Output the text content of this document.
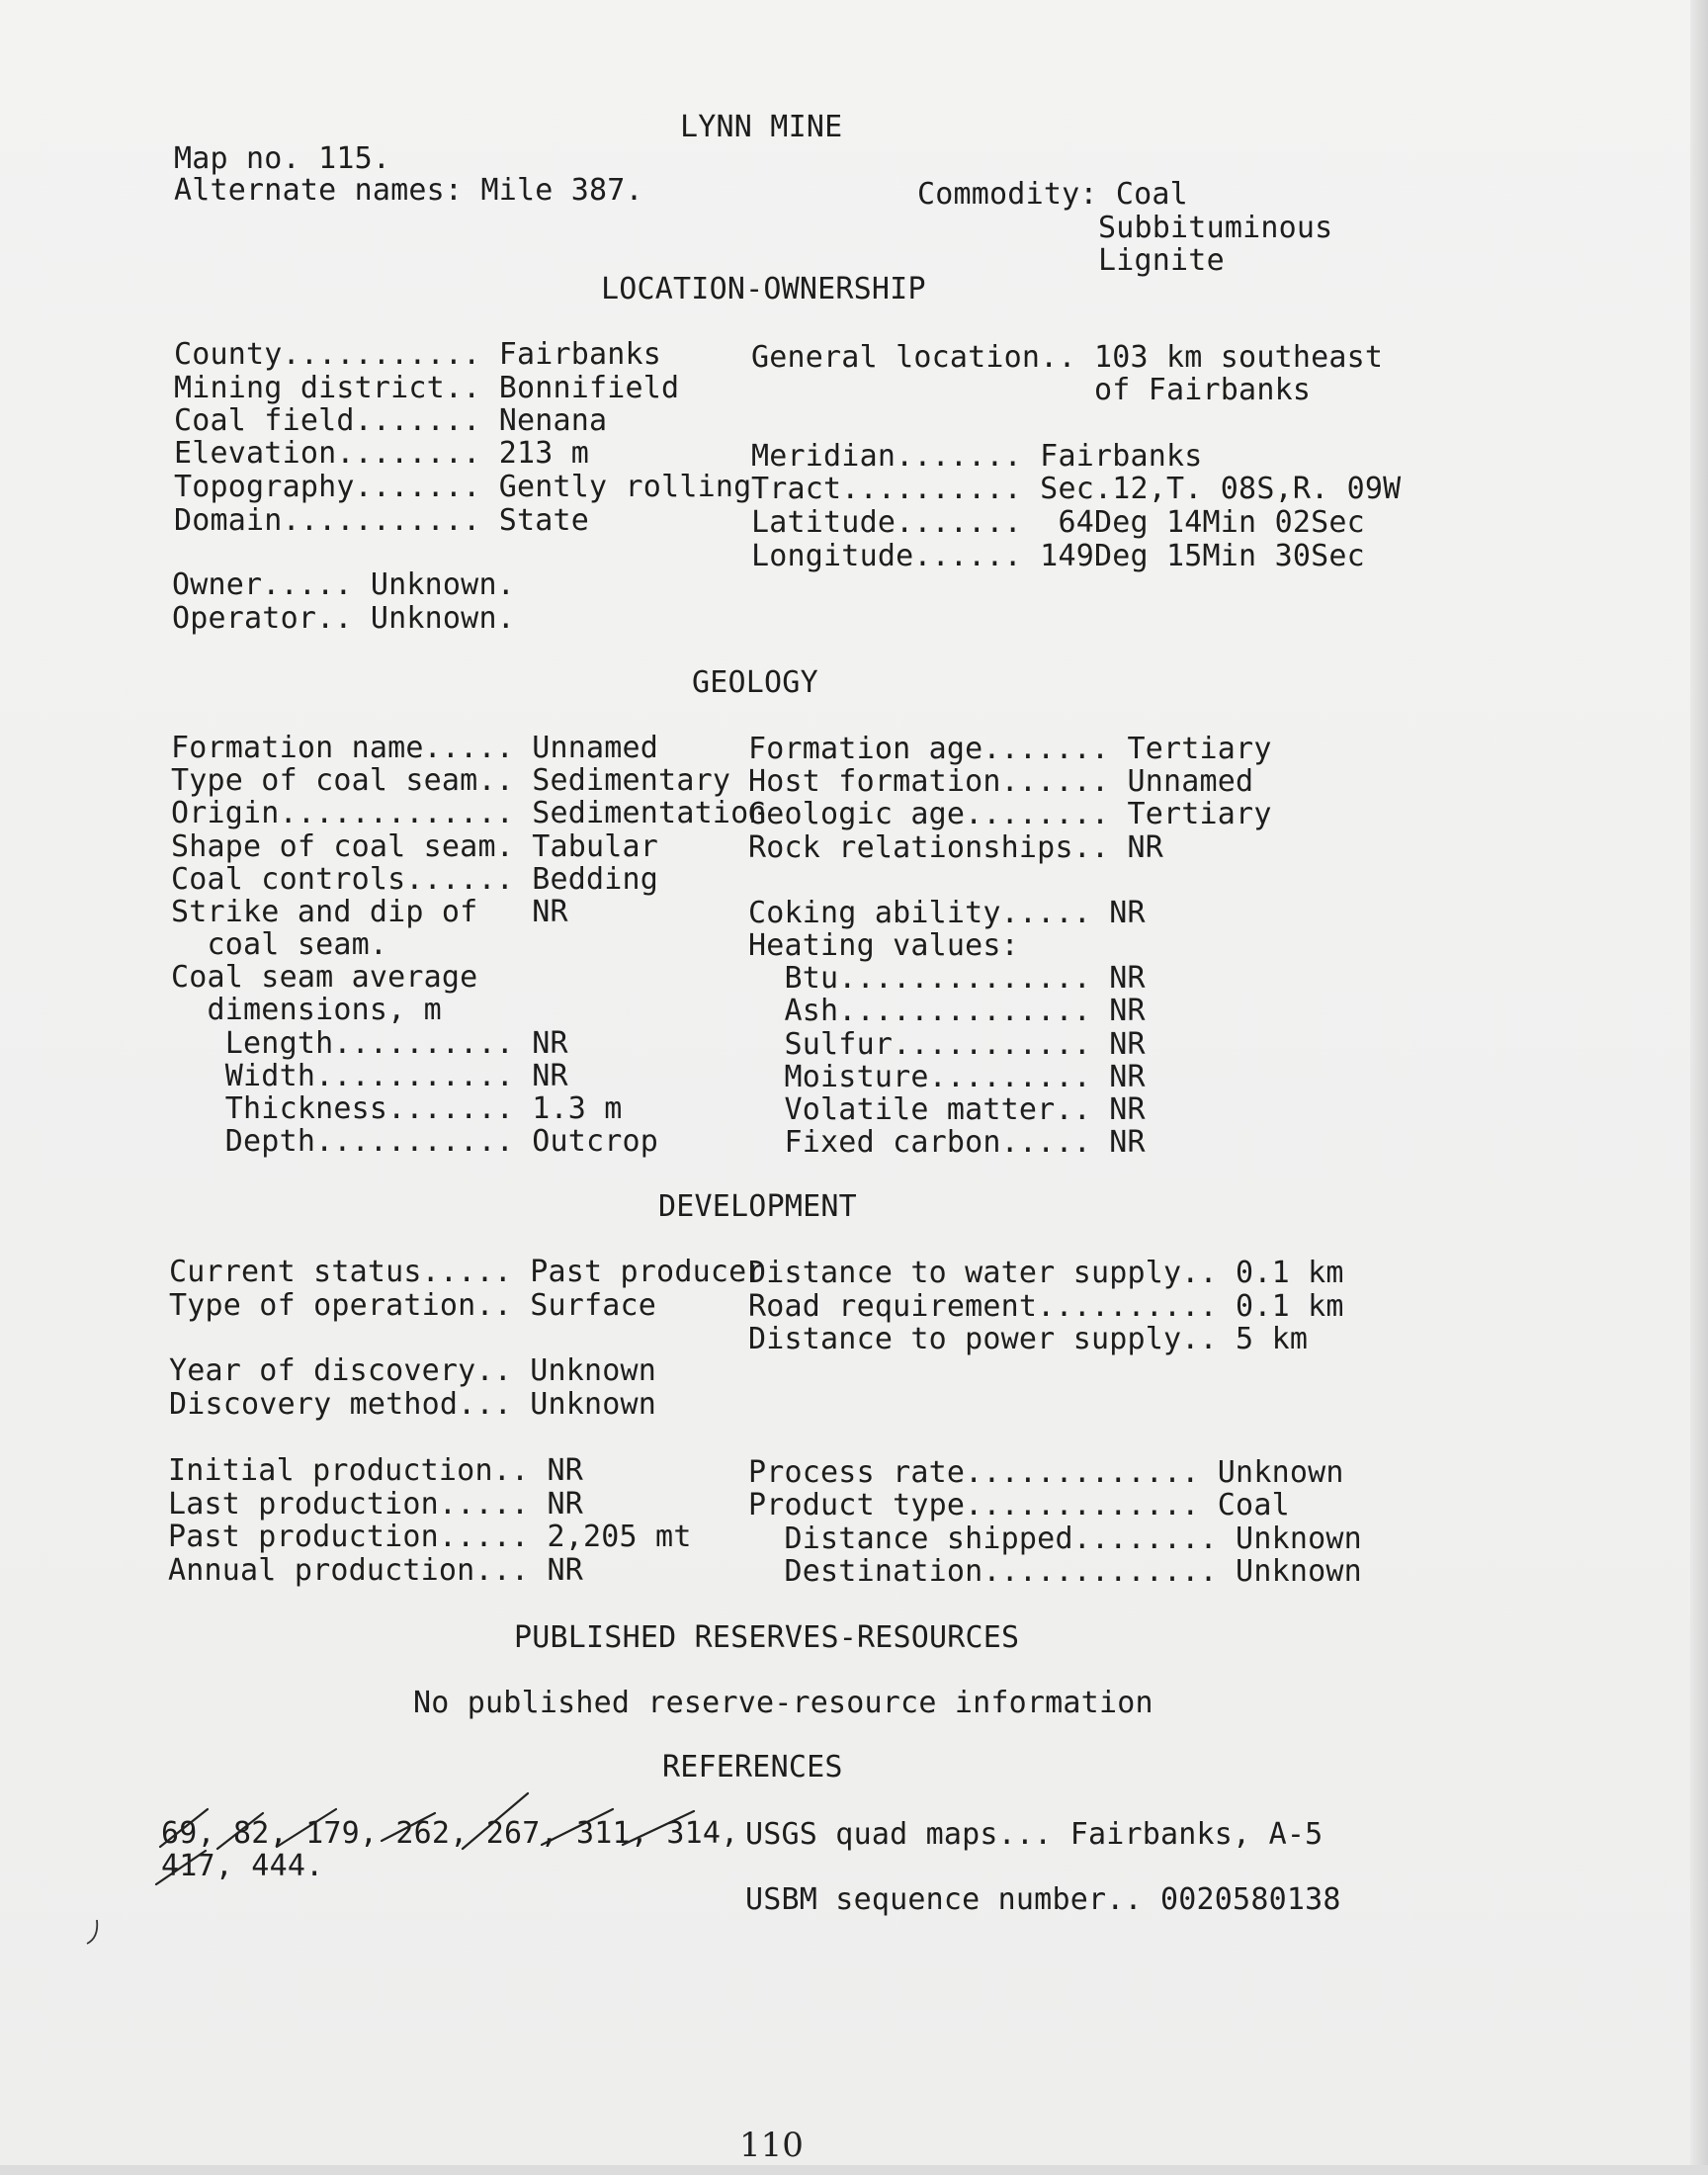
LYNN MINE
Map no. 115.
Alternate names: Mile 387.	Commodity: Coal
Subbituminous
Lignite
LOCATION-OWNERSHIP
County........... Fairbanks
Mining district.. Bonnifield
Coal field....... Nenana
Elevation........ 213 m
Topography....... Gently rolling
Domain........... State
General location.. 103 km southeast
of Fairbanks
Meridian....... Fairbanks
Tract.......... Sec.12,T. 08S,R. 09W
Latitude.......  64Deg 14Min 02Sec
Longitude...... 149Deg 15Min 30Sec
Owner..... Unknown.
Operator.. Unknown.
GEOLOGY
Formation name..... Unnamed
Type of coal seam.. Sedimentary
Origin............. Sedimentation
Shape of coal seam. Tabular
Coal controls...... Bedding
Strike and dip of   NR
coal seam.
Coal seam average
dimensions, m
Length.......... NR
Width........... NR
Thickness....... 1.3 m
Depth........... Outcrop
Formation age....... Tertiary
Host formation...... Unnamed
Geologic age........ Tertiary
Rock relationships.. NR
Coking ability..... NR
Heating values:
Btu.............. NR
Ash.............. NR
Sulfur........... NR
Moisture......... NR
Volatile matter.. NR
Fixed carbon..... NR
DEVELOPMENT
Current status..... Past producer
Type of operation.. Surface
Distance to water supply.. 0.1 km
Road requirement.......... 0.1 km
Distance to power supply.. 5 km
Year of discovery.. Unknown
Discovery method... Unknown
Initial production.. NR
Last production..... NR
Past production..... 2,205 mt
Annual production... NR
Process rate............. Unknown
Product type............. Coal
Distance shipped........ Unknown
Destination............. Unknown
PUBLISHED RESERVES-RESOURCES
No published reserve-resource information
REFERENCES
69, 82, 179, 262, 267, 311, 314,
417, 444.
USGS quad maps... Fairbanks, A-5
USBM sequence number.. 0020580138
110
